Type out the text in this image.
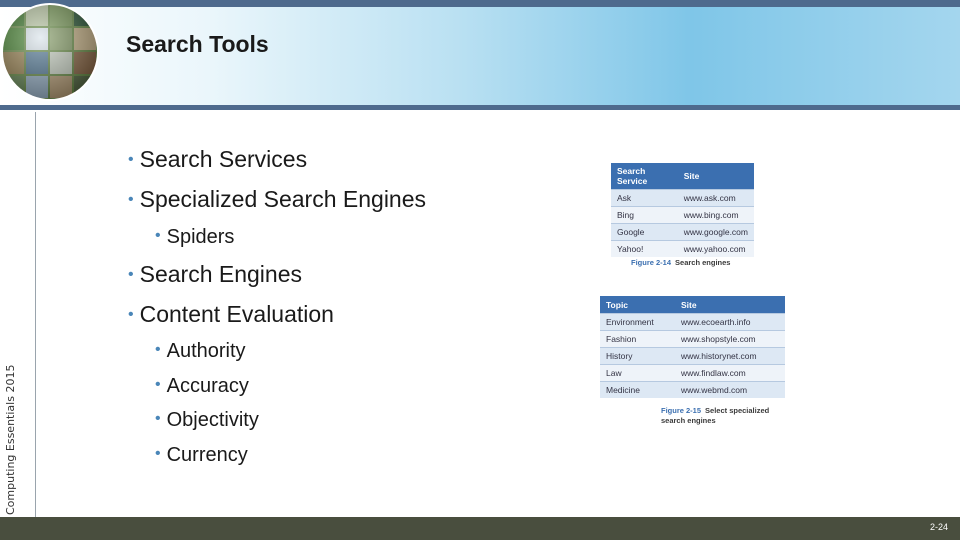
Search Tools
Computing Essentials 2015
• Search Services
• Specialized Search Engines
• Spiders
• Search Engines
• Content Evaluation
• Authority
• Accuracy
• Objectivity
• Currency
Search Service	Site
Ask	www.ask.com
Bing	www.bing.com
Google	www.google.com
Yahoo!	www.yahoo.com
Figure 2-14 Search engines
Topic	Site
Environment	www.ecoearth.info
Fashion	www.shopstyle.com
History	www.historynet.com
Law	www.findlaw.com
Medicine	www.webmd.com
Figure 2-15 Select specialized search engines
2-24
